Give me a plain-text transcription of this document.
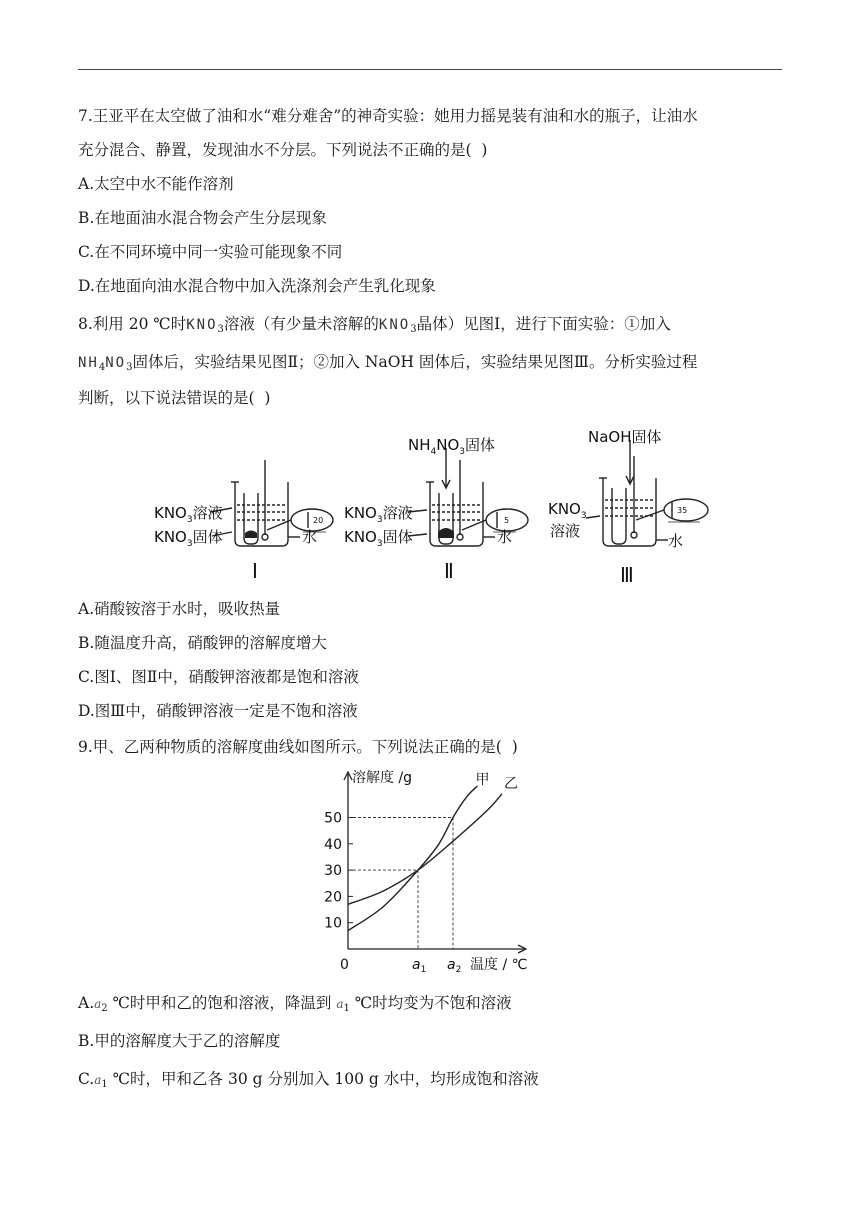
7.王亚平在太空做了油和水“难分难舍”的神奇实验：她用力摇晃装有油和水的瓶子，让油水
充分混合、静置，发现油水不分层。下列说法不正确的是(  )
A.太空中水不能作溶剂
B.在地面油水混合物会产生分层现象
C.在不同环境中同一实验可能现象不同
D.在地面向油水混合物中加入洗涤剂会产生乳化现象
8.利用 20 ℃时$KNO_3$溶液（有少量未溶解的$KNO_3$晶体）见图Ⅰ，进行下面实验：①加入
$NH_4NO_3$固体后，实验结果见图Ⅱ；②加入 NaOH 固体后，实验结果见图Ⅲ。分析实验过程
判断，以下说法错误的是(  )
$KNO_3$溶液
$KNO_3$固体	水
20
Ⅰ
$NH_4NO_3$固体
$KNO_3$溶液
$KNO_3$固体	水
5
Ⅱ
NaOH固体
$KNO_3$
溶液
水
35
Ⅲ
A.硝酸铵溶于水时，吸收热量
B.随温度升高，硝酸钾的溶解度增大
C.图Ⅰ、图Ⅱ中，硝酸钾溶液都是饱和溶液
D.图Ⅲ中，硝酸钾溶液一定是不饱和溶液
9.甲、乙两种物质的溶解度曲线如图所示。下列说法正确的是(  )
10
20
30
40
50
$a_1$ $a_2$
0
溶解度 /g
温度 / ℃
甲 乙
$A.a_2$ ℃时甲和乙的饱和溶液，降温到 $a_1$ ℃时均变为不饱和溶液
B.甲的溶解度大于乙的溶解度
$C.a_1$ ℃时，甲和乙各 30 g 分别加入 100 g 水中，均形成饱和溶液
